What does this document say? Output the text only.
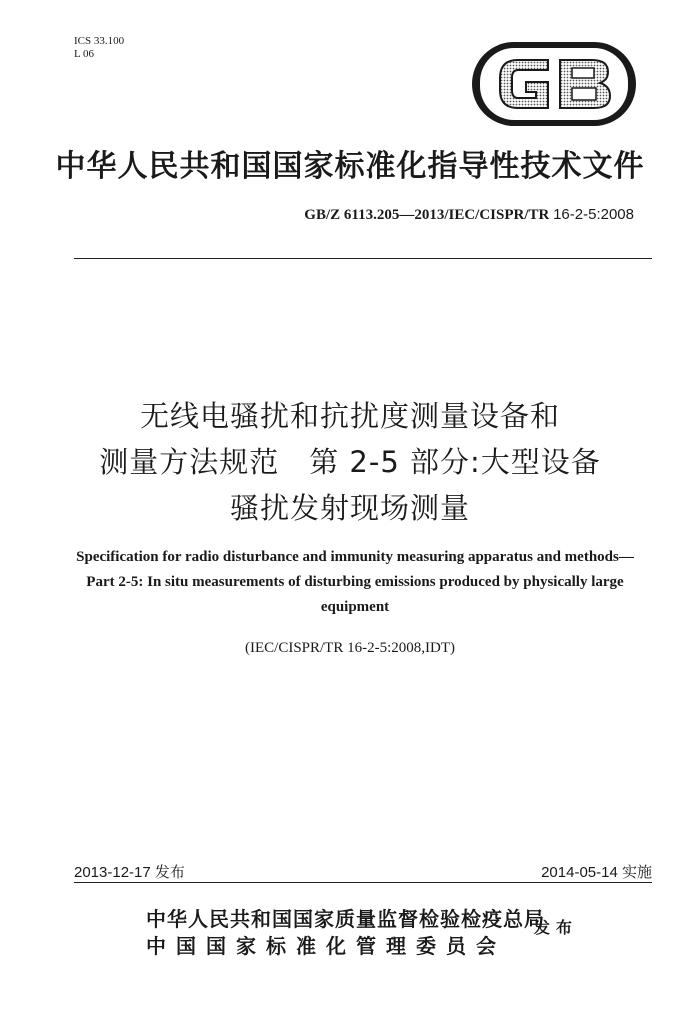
ICS 33.100
L 06
中华人民共和国国家标准化指导性技术文件
GB/Z 6113.205—2013/IEC/CISPR/TR 16-2-5:2008
无线电骚扰和抗扰度测量设备和
测量方法规范　第 2-5 部分:大型设备
骚扰发射现场测量
Specification for radio disturbance and immunity measuring apparatus and methods—Part 2-5: In situ measurements of disturbing emissions produced by physically large equipment
(IEC/CISPR/TR 16-2-5:2008,IDT)
2013-12-17 发布	2014-05-14 实施
中华人民共和国国家质量监督检验检疫总局
中国国家标准化管理委员会
发布
